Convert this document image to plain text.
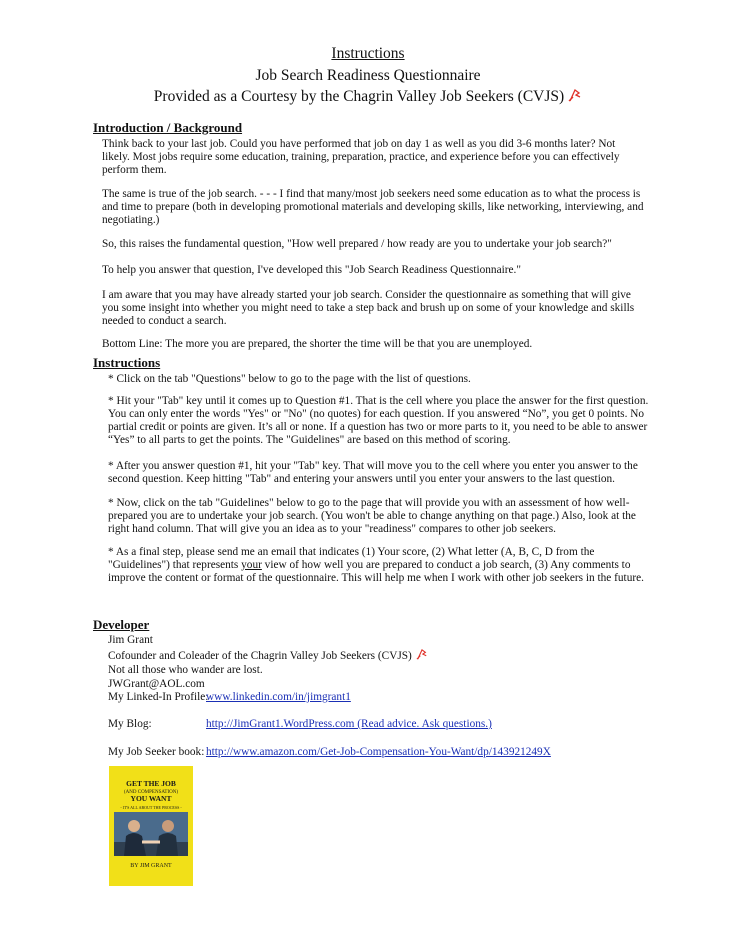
Instructions
Job Search Readiness Questionnaire
Provided as a Courtesy by the Chagrin Valley Job Seekers (CVJS)
Introduction / Background
Think back to your last job. Could you have performed that job on day 1 as well as you did 3-6 months later? Not
likely. Most jobs require some education, training, preparation, practice, and experience before you can effectively
perform them.
The same is true of the job search. - - - I find that many/most job seekers need some education as to what the process is
and time to prepare (both in developing promotional materials and developing skills, like networking, interviewing, and
negotiating.)
So, this raises the fundamental question, "How well prepared / how ready are you to undertake your job search?"
To help you answer that question, I've developed this "Job Search Readiness Questionnaire."
I am aware that you may have already started your job search. Consider the questionnaire as something that will give
you some insight into whether you might need to take a step back and brush up on some of your knowledge and skills
needed to conduct a search.
Bottom Line: The more you are prepared, the shorter the time will be that you are unemployed.
Instructions
* Click on the tab "Questions" below to go to the page with the list of questions.
* Hit your "Tab" key until it comes up to Question #1. That is the cell where you place the answer for the first question.
You can only enter the words "Yes" or "No" (no quotes) for each question. If you answered “No”, you get 0 points. No
partial credit or points are given. It’s all or none. If a question has two or more parts to it, you need to be able to answer
“Yes” to all parts to get the points. The "Guidelines" are based on this method of scoring.
* After you answer question #1, hit your "Tab" key. That will move you to the cell where you enter you answer to the
second question. Keep hitting "Tab" and entering your answers until you enter your answers to the last question.
* Now, click on the tab "Guidelines" below to go to the page that will provide you with an assessment of how well-
prepared you are to undertake your job search. (You won't be able to change anything on that page.) Also, look at the
right hand column. That will give you an idea as to your "readiness" compares to other job seekers.
* As a final step, please send me an email that indicates (1) Your score, (2) What letter (A, B, C, D from the
"Guidelines") that represents your view of how well you are prepared to conduct a job search, (3) Any comments to
improve the content or format of the questionnaire. This will help me when I work with other job seekers in the future.
Developer
Jim Grant
Cofounder and Coleader of the Chagrin Valley Job Seekers (CVJS)
Not all those who wander are lost.
JWGrant@AOL.com
My Linked-In Profile:
www.linkedin.com/in/jimgrant1
My Blog:	http://JimGrant1.WordPress.com (Read advice. Ask questions.)
My Job Seeker book: http://www.amazon.com/Get-Job-Compensation-You-Want/dp/143921249X
GET THE JOB
(AND COMPENSATION)
YOU WANT
- IT'S ALL ABOUT THE PROCESS -
BY JIM GRANT
